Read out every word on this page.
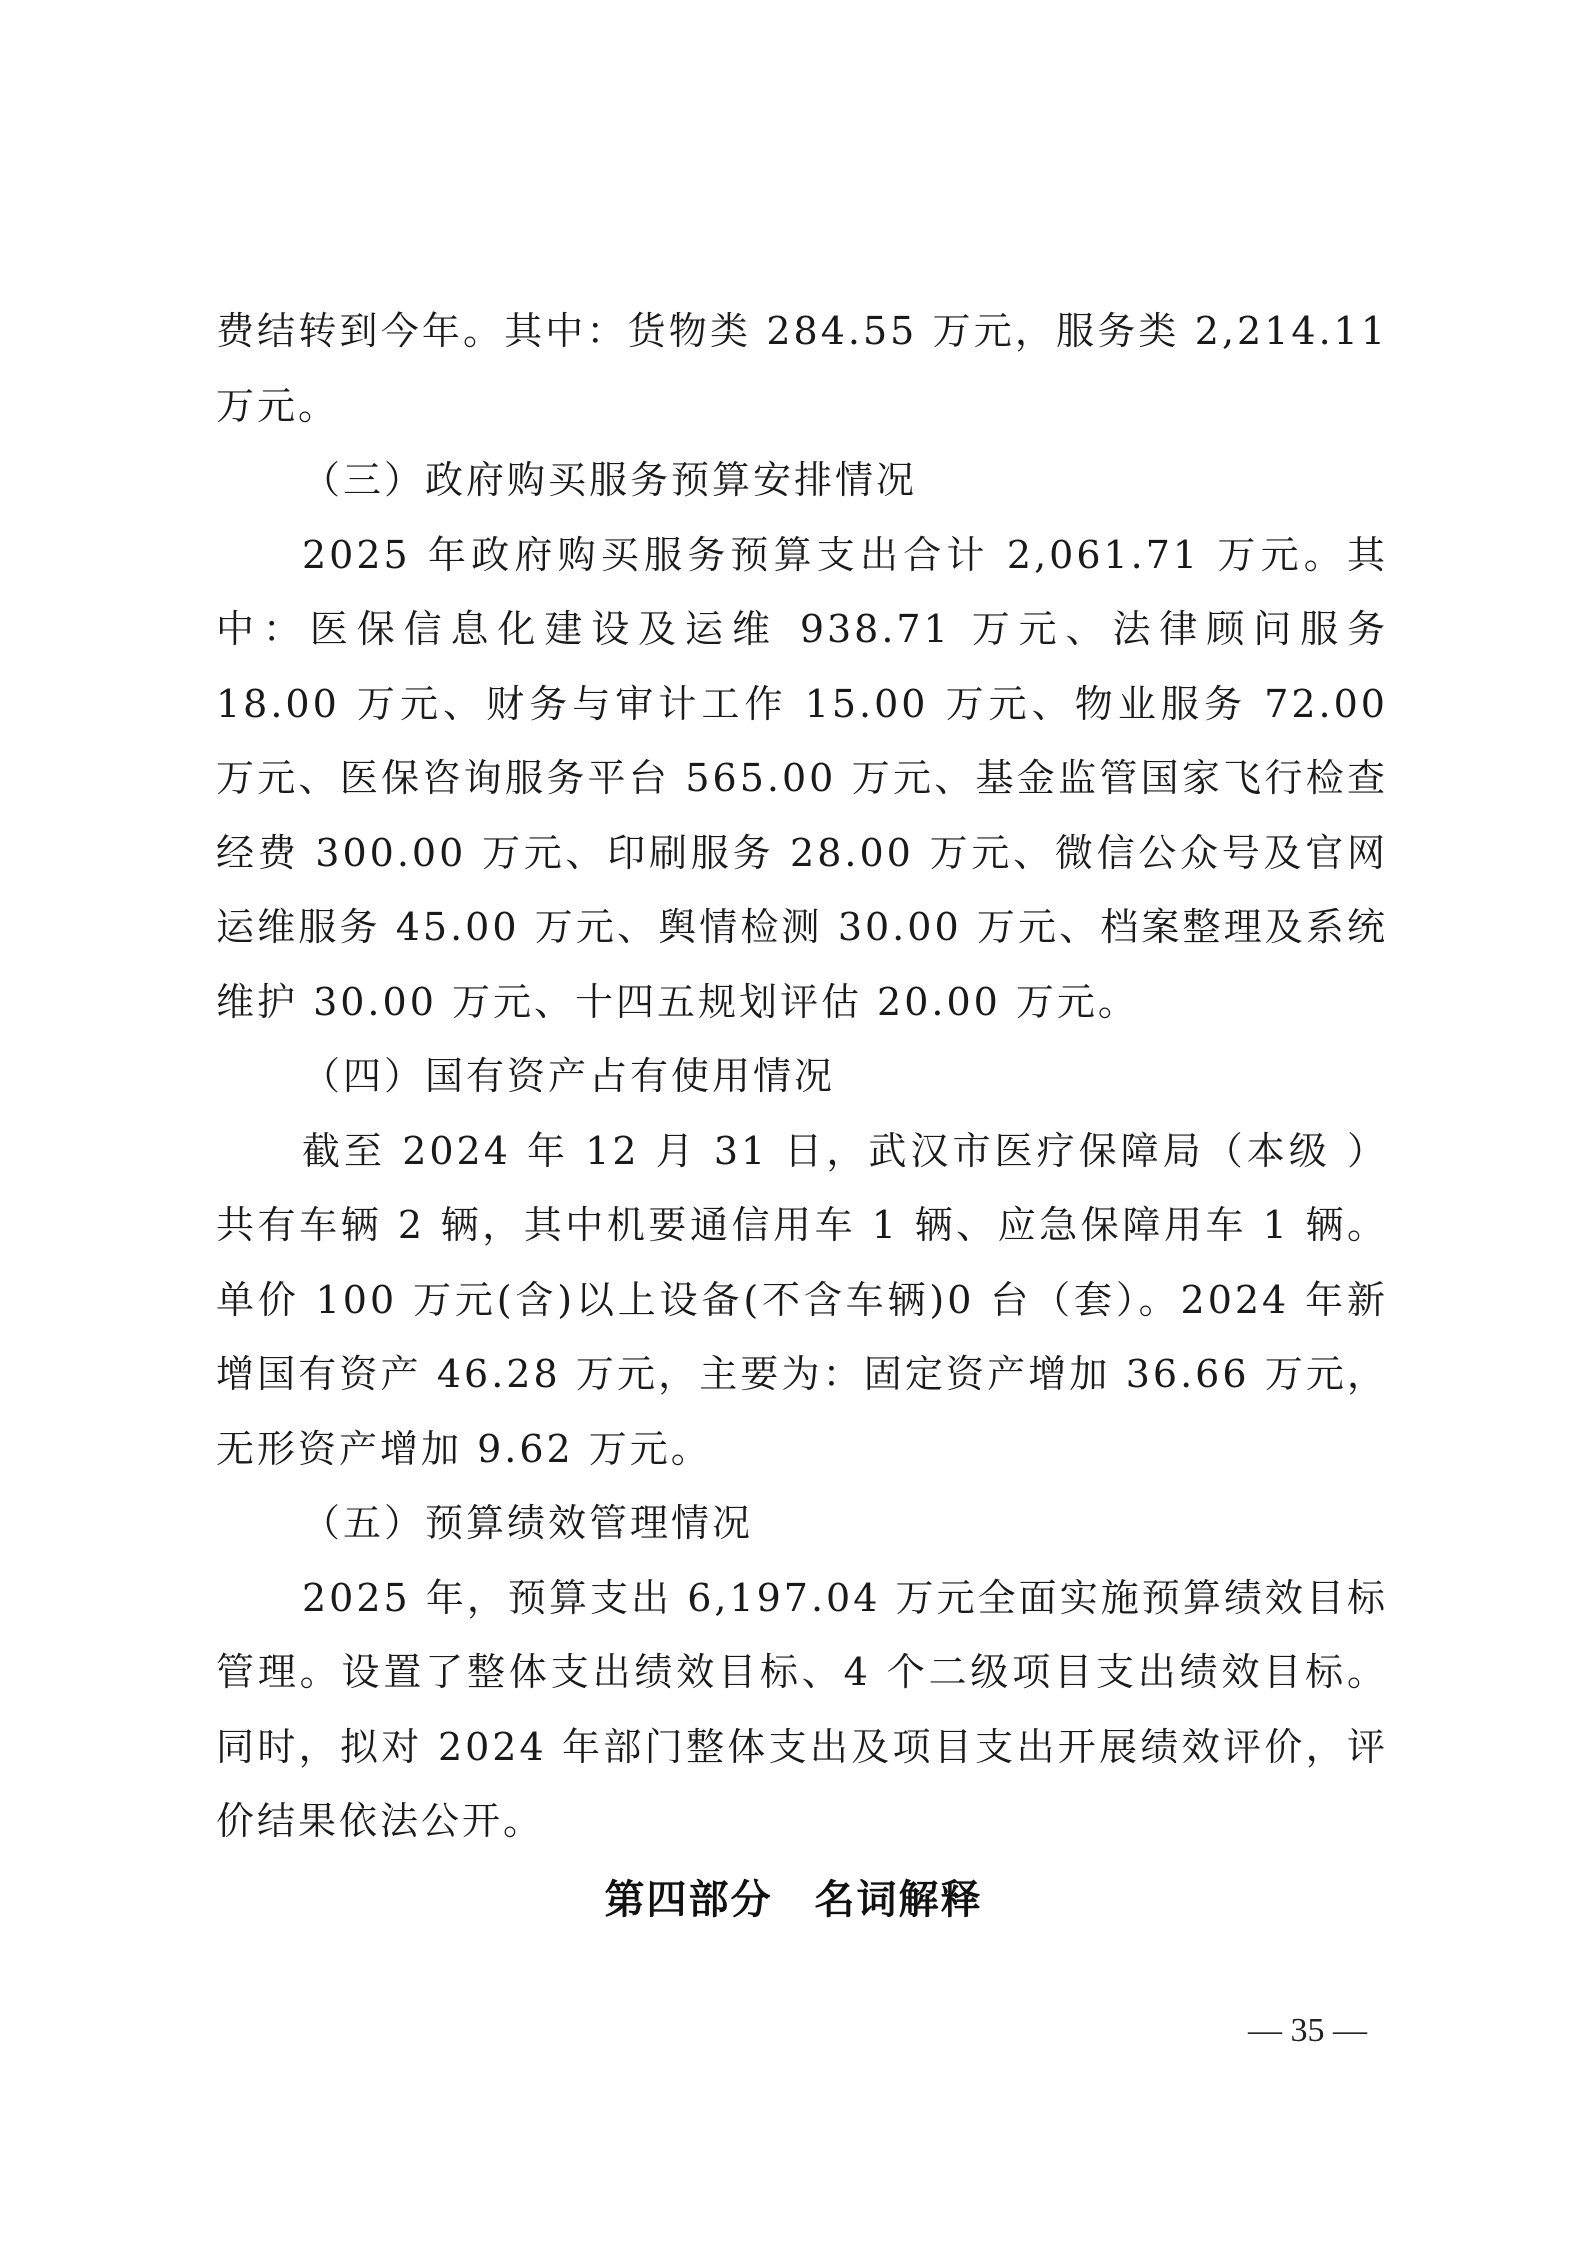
费结转到今年。其中：货物类 284.55 万元，服务类 2,214.11 万元。

（三）政府购买服务预算安排情况

2025 年政府购买服务预算支出合计 2,061.71 万元。其中：医保信息化建设及运维 938.71 万元、法律顾问服务 18.00 万元、财务与审计工作 15.00 万元、物业服务 72.00 万元、医保咨询服务平台 565.00 万元、基金监管国家飞行检查经费 300.00 万元、印刷服务 28.00 万元、微信公众号及官网运维服务 45.00 万元、舆情检测 30.00 万元、档案整理及系统维护 30.00 万元、十四五规划评估 20.00 万元。

（四）国有资产占有使用情况

截至 2024 年 12 月 31 日，武汉市医疗保障局（本级 ）共有车辆 2 辆，其中机要通信用车 1 辆、应急保障用车 1 辆。单价 100 万元(含)以上设备(不含车辆)0 台（套）。2024 年新增国有资产 46.28 万元，主要为：固定资产增加 36.66 万元，无形资产增加 9.62 万元。

（五）预算绩效管理情况

2025 年，预算支出 6,197.04 万元全面实施预算绩效目标管理。设置了整体支出绩效目标、4 个二级项目支出绩效目标。同时，拟对 2024 年部门整体支出及项目支出开展绩效评价，评价结果依法公开。

第四部分　名词解释
— 35 —
